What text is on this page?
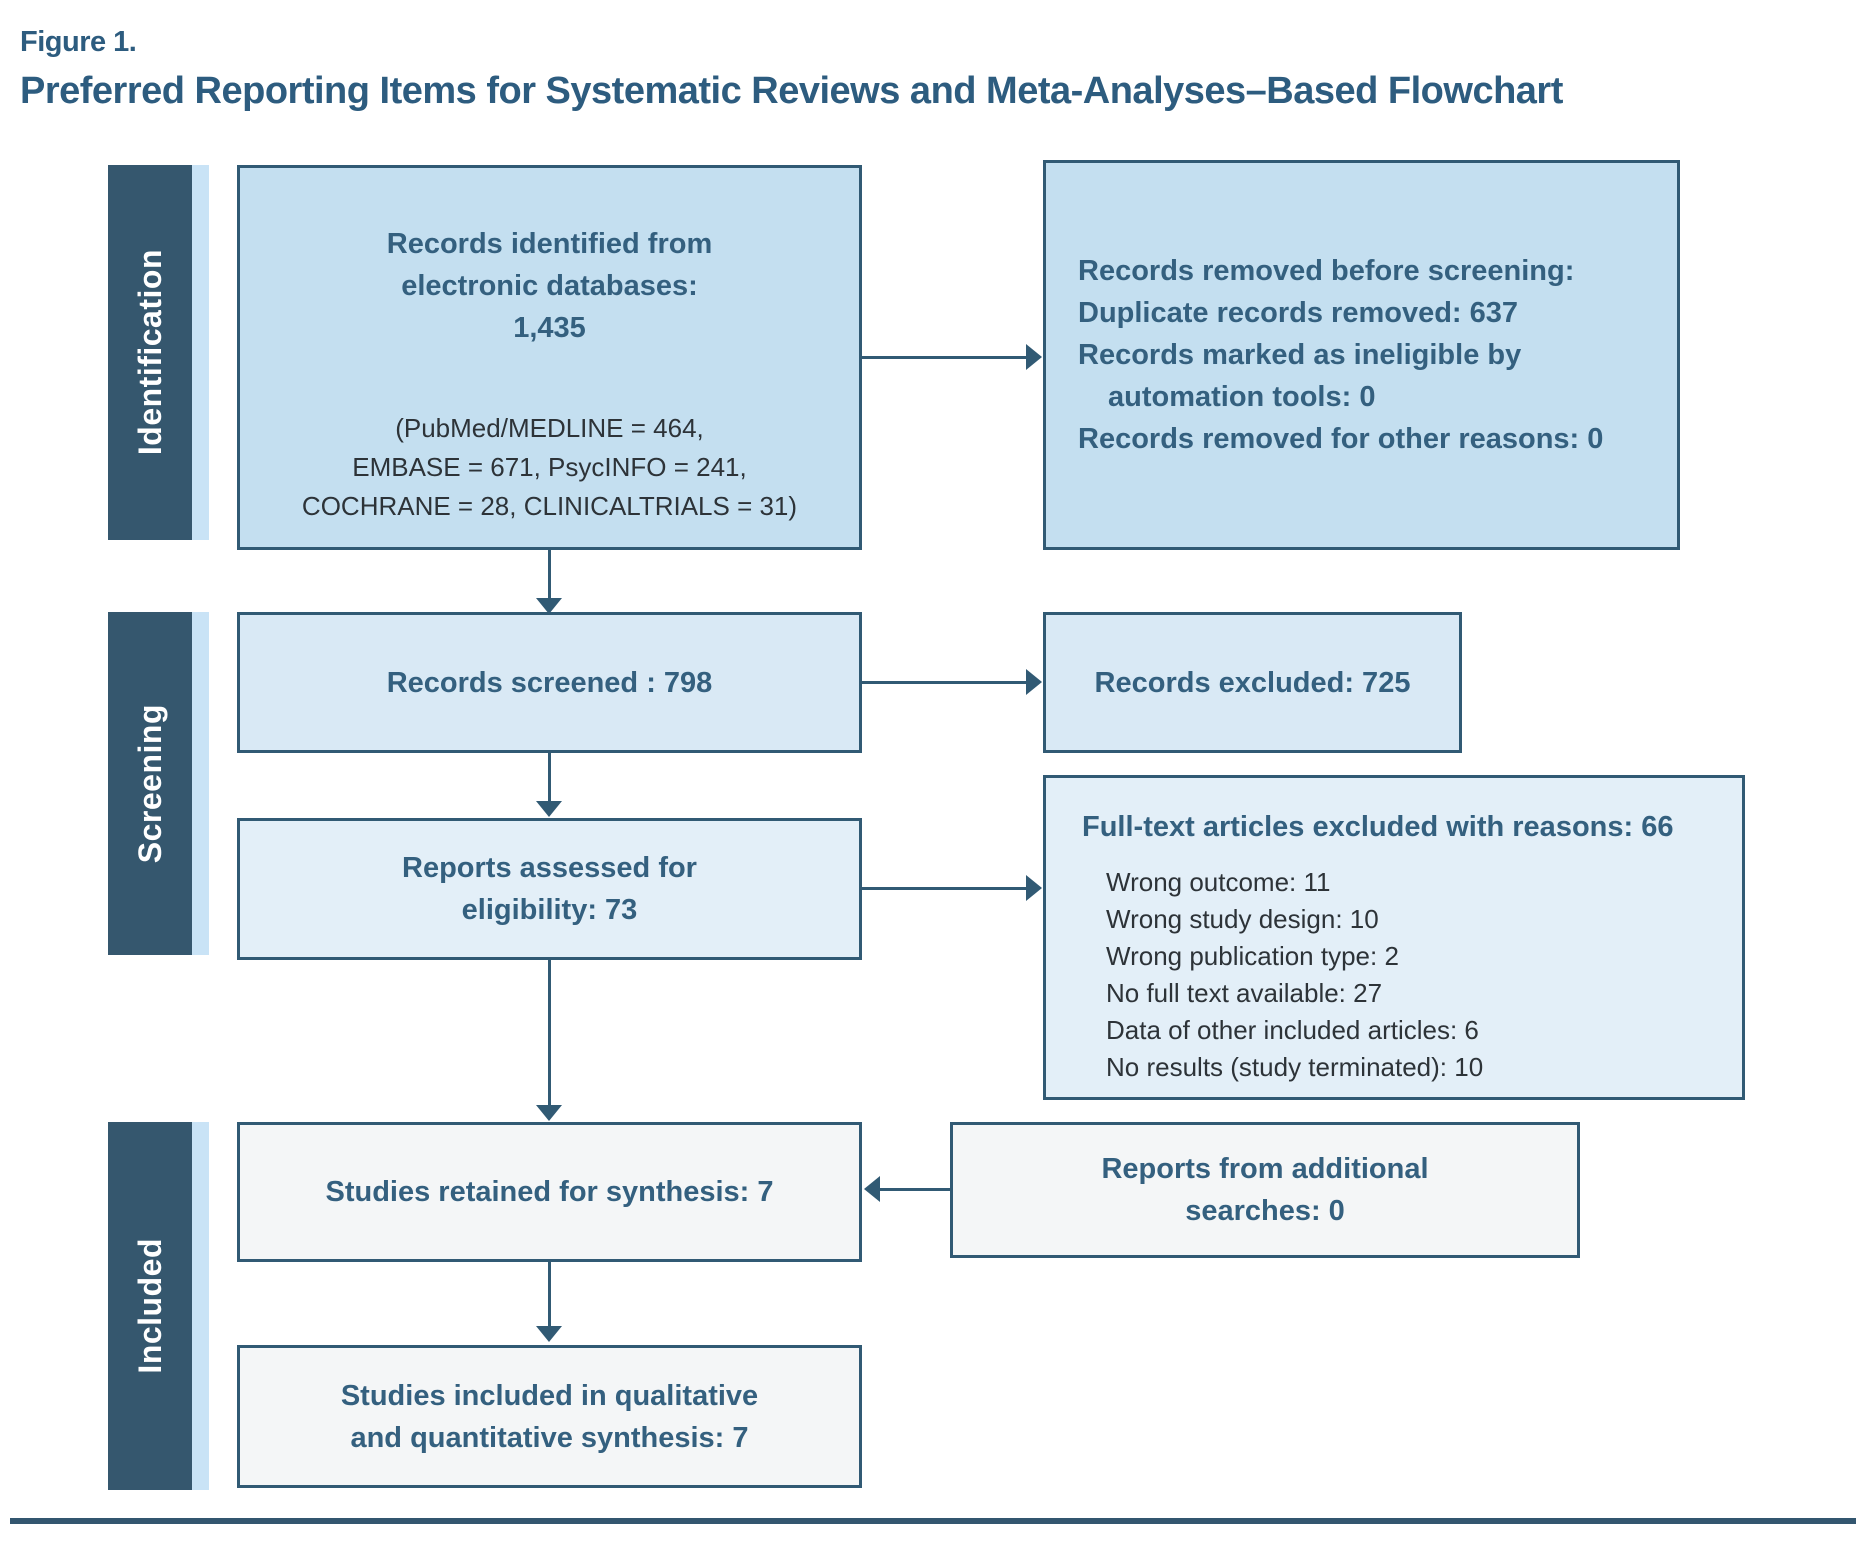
Figure 1.
Preferred Reporting Items for Systematic Reviews and Meta-Analyses–Based Flowchart
Identification
Screening
Included
Records identified from
electronic databases:
1,435
(PubMed/MEDLINE = 464,
EMBASE = 671, PsycINFO = 241,
COCHRANE = 28, CLINICALTRIALS = 31)
Records removed before screening:
Duplicate records removed: 637
Records marked as ineligible by
automation tools: 0
Records removed for other reasons: 0
Records screened : 798	Records excluded: 725
Reports assessed for
eligibility: 73
Full-text articles excluded with reasons: 66
Wrong outcome: 11
Wrong study design: 10
Wrong publication type: 2
No full text available: 27
Data of other included articles: 6
No results (study terminated): 10
Studies retained for synthesis: 7
Reports from additional
searches: 0
Studies included in qualitative
and quantitative synthesis: 7
